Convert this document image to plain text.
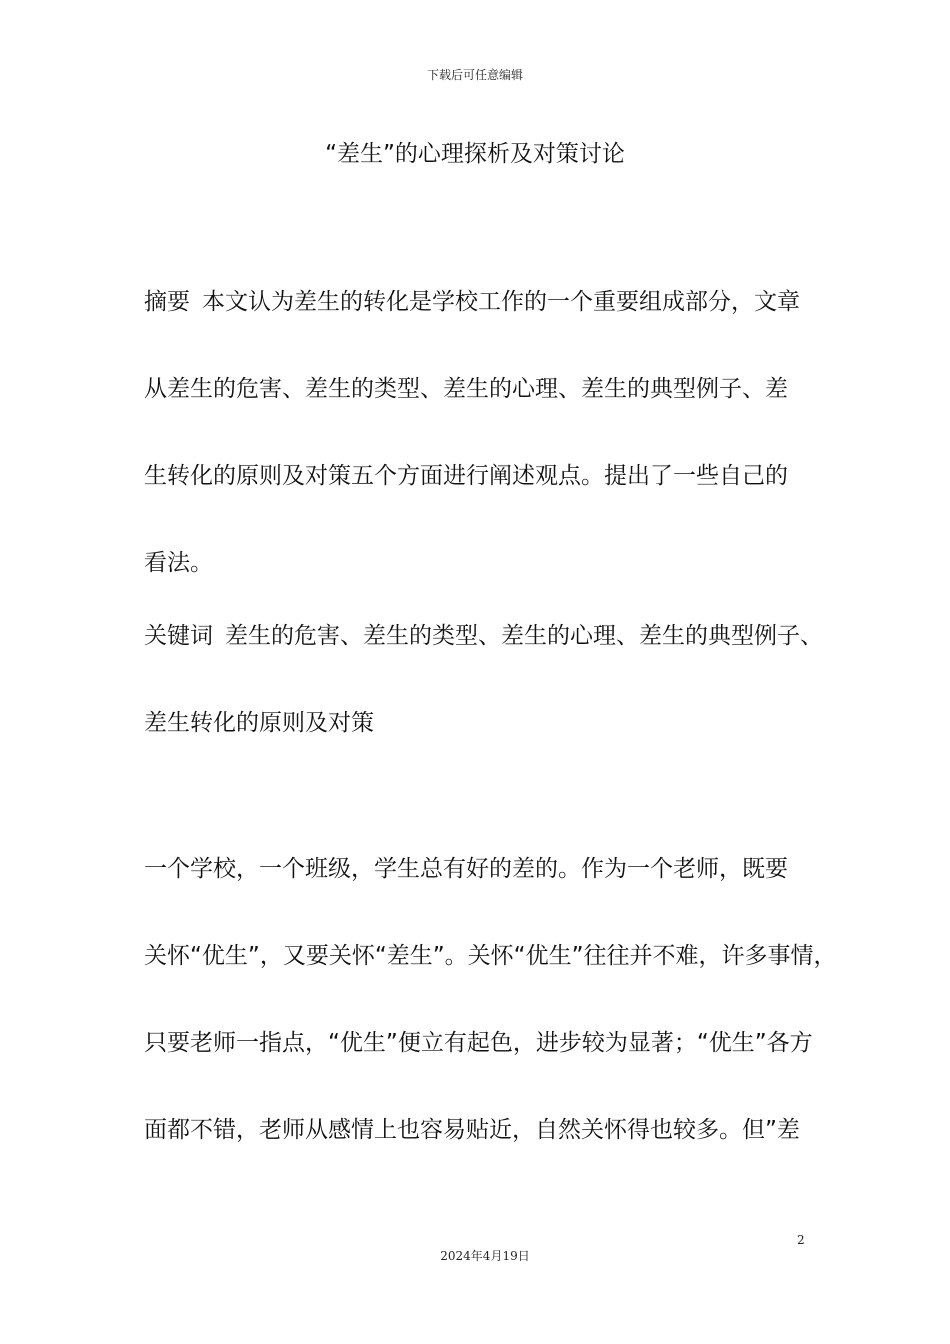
下载后可任意编辑
“差生”的心理探析及对策讨论
摘要 本文认为差生的转化是学校工作的一个重要组成部分，文章
从差生的危害、差生的类型、差生的心理、差生的典型例子、差
生转化的原则及对策五个方面进行阐述观点。提出了一些自己的
看法。
关键词 差生的危害、差生的类型、差生的心理、差生的典型例子、
差生转化的原则及对策
一个学校，一个班级，学生总有好的差的。作为一个老师，既要
关怀“优生”，又要关怀“差生”。关怀“优生”往往并不难，许多事情，
只要老师一指点，“优生”便立有起色，进步较为显著；“优生”各方
面都不错，老师从感情上也容易贴近，自然关怀得也较多。但”差
2
2024年4月19日
